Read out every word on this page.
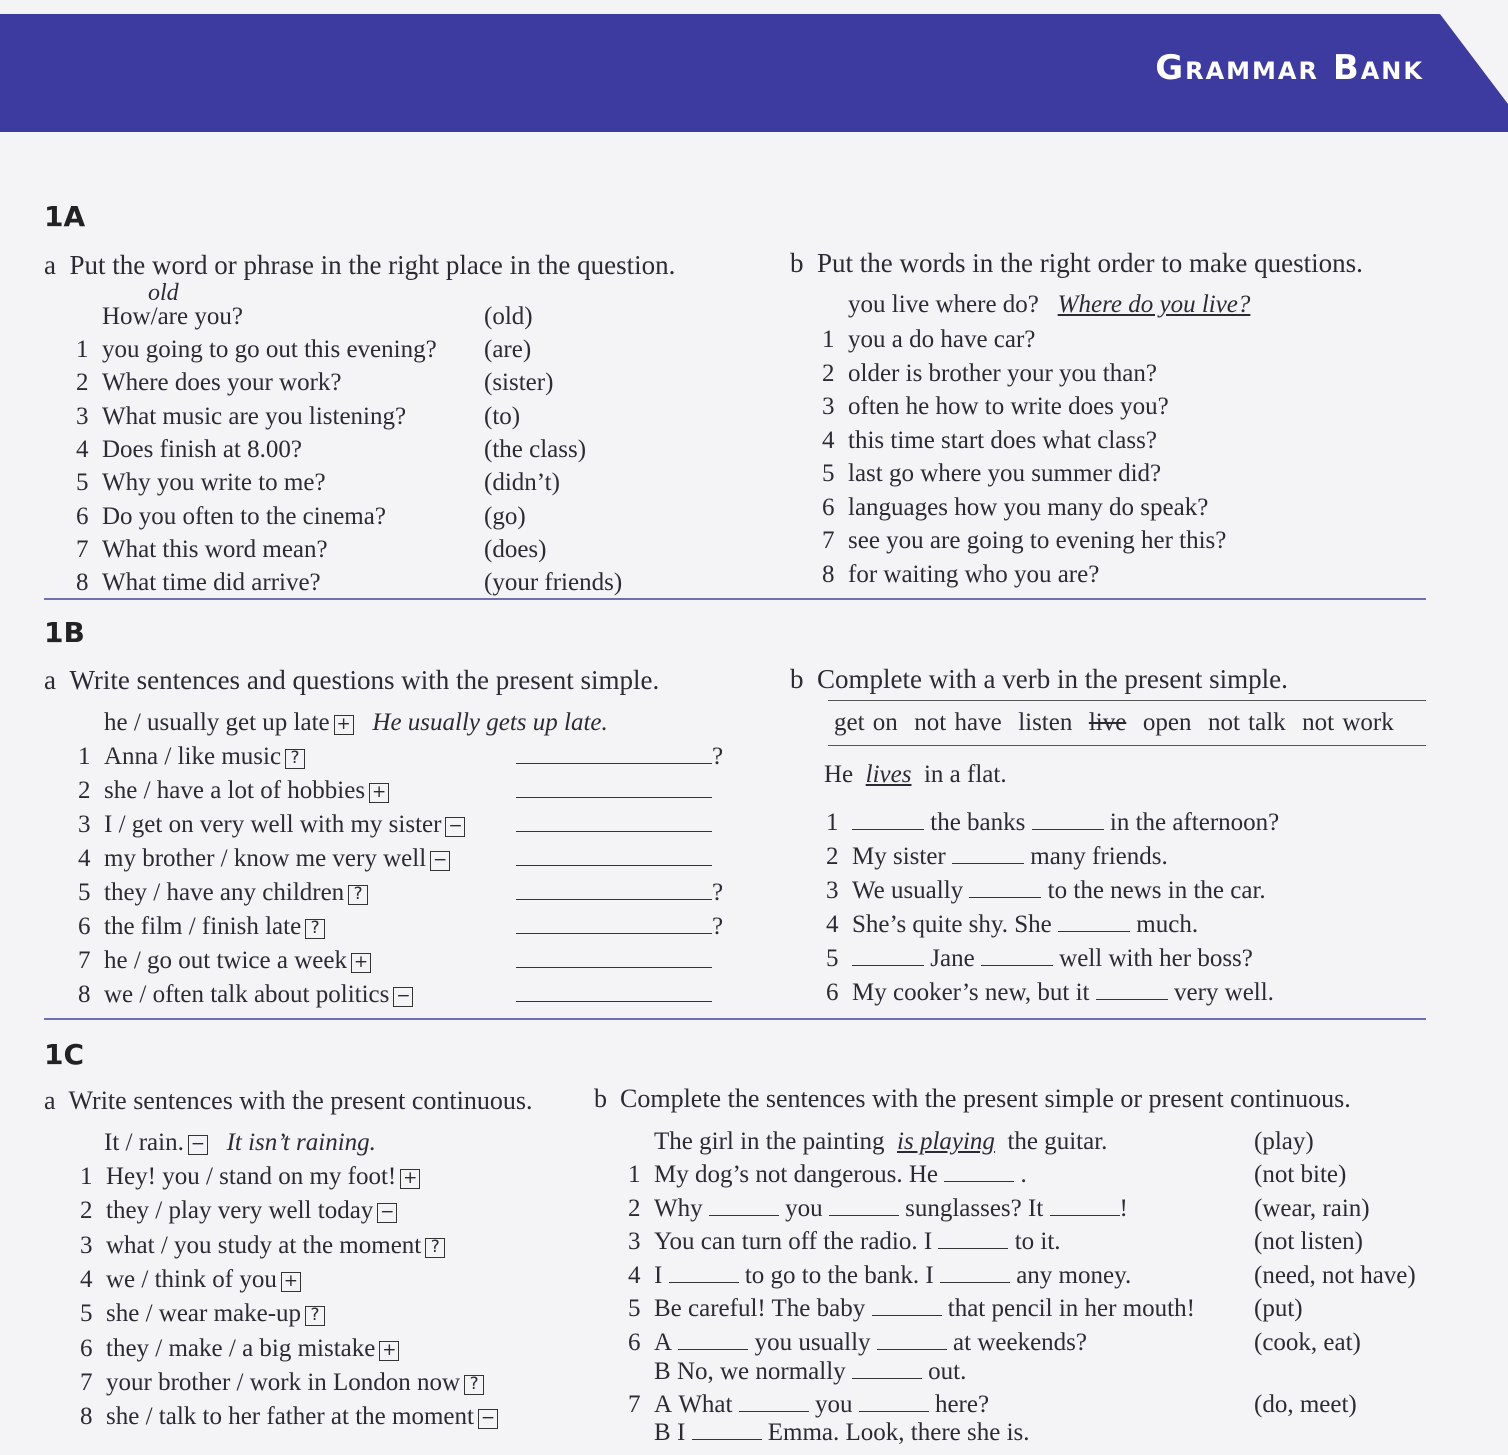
Grammar Bank
1A
a Put the word or phrase in the right place in the question.
old
How/are you?	(old)
1 you going to go out this evening? (are)
2 Where does your work?	(sister)
3 What music are you listening?	(to)
4 Does finish at 8.00?	(the class)
5 Why you write to me?	(didn’t)
6 Do you often to the cinema?	(go)
7 What this word mean?	(does)
8 What time did arrive?	(your friends)
b Put the words in the right order to make questions.
you live where do? Where do you live?
1 you a do have car?
2 older is brother your you than?
3 often he how to write does you?
4 this time start does what class?
5 last go where you summer did?
6 languages how you many do speak?
7 see you are going to evening her this?
8 for waiting who you are?
1B
a Write sentences and questions with the present simple.
he / usually get up late + He usually gets up late.
1 Anna / like music ?	?
2 she / have a lot of hobbies +
3 I / get on very well with my sister −
4 my brother / know me very well −
5 they / have any children ?	?
6 the film / finish late ?	?
7 he / go out twice a week +
8 we / often talk about politics −
b Complete with a verb in the present simple.
get on not have listen live open not talk not work
He lives in a flat.
1	the banks	in the afternoon?
2 My sister	many friends.
3 We usually	to the news in the car.
4 She’s quite shy. She	much.
5	Jane	well with her boss?
6 My cooker’s new, but it	very well.
1C
a Write sentences with the present continuous.
It / rain. − It isn’t raining.
1 Hey! you / stand on my foot! +
2 they / play very well today −
3 what / you study at the moment ?
4 we / think of you +
5 she / wear make-up ?
6 they / make / a big mistake +
7 your brother / work in London now ?
8 she / talk to her father at the moment −
b Complete the sentences with the present simple or present continuous.
The girl in the painting is playing the guitar.	(play)
1 My dog’s not dangerous. He	.	(not bite)
2 Why	you	sunglasses? It	!	(wear, rain)
3 You can turn off the radio. I	to it.	(not listen)
4 I	to go to the bank. I	any money.	(need, not have)
5 Be careful! The baby	that pencil in her mouth! (put)
6 A	you usually	at weekends?	(cook, eat)
B No, we normally	out.
7 A What	you	here?	(do, meet)
B I	Emma. Look, there she is.
